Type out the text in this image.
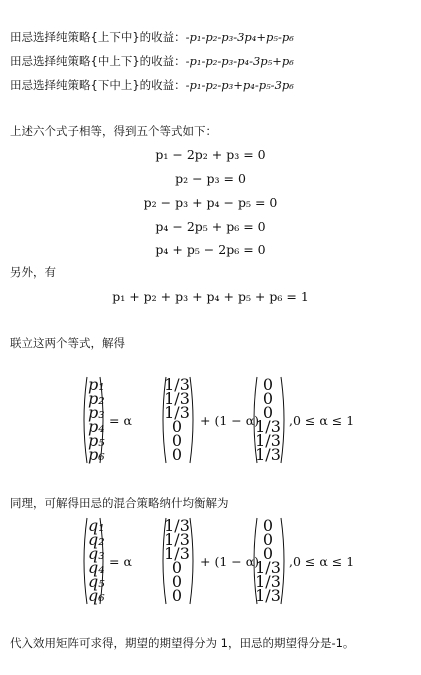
田忌选择纯策略{上下中}的收益：-p₁-p₂-p₃-3p₄+p₅-p₆
田忌选择纯策略{中上下}的收益：-p₁-p₂-p₃-p₄-3p₅+p₆
田忌选择纯策略{下中上}的收益：-p₁-p₂-p₃+p₄-p₅-3p₆
上述六个式子相等，得到五个等式如下：
p₁ − 2p₂ + p₃ = 0
p₂ − p₃ = 0
p₂ − p₃ + p₄ − p₅ = 0
p₄ − 2p₅ + p₆ = 0
p₄ + p₅ − 2p₆ = 0
另外，有
p₁ + p₂ + p₃ + p₄ + p₅ + p₆ = 1
联立这两个等式，解得
p₁
p₂
p₃
p₄
p₅
p₆
= α
1/3
1/3
1/3
0
0
0
+ (1 − α)
0
0
0
1/3
1/3
1/3
,0 ≤ α ≤ 1
同理，可解得田忌的混合策略纳什均衡解为
q₁
q₂
q₃
q₄
q₅
q₆
= α
1/3
1/3
1/3
0
0
0
+ (1 − α)
0
0
0
1/3
1/3
1/3
,0 ≤ α ≤ 1
代入效用矩阵可求得，期望的期望得分为 1，田忌的期望得分是-1。
